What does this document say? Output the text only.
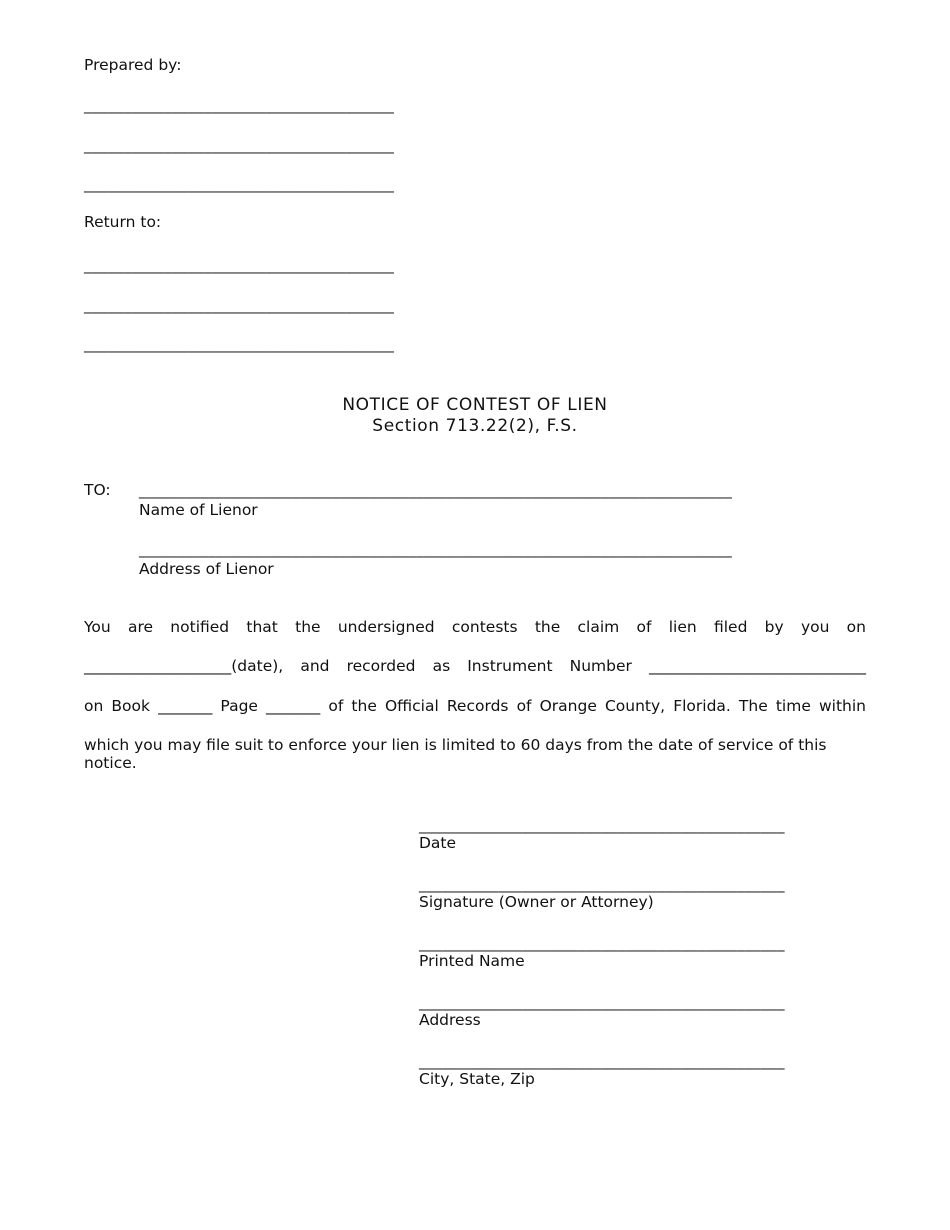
Prepared by:
_______________________________________
_______________________________________
_______________________________________
Return to:
_______________________________________
_______________________________________
_______________________________________
NOTICE OF CONTEST OF LIEN
Section 713.22(2), F.S.
TO: _____________________________________________________________________________
Name of Lienor
_____________________________________________________________________________
Address of Lienor
You are notified that the undersigned contests the claim of lien filed by you on
___________________(date), and recorded as Instrument Number ____________________________
on Book _______ Page _______ of the Official Records of Orange County, Florida. The time within
which you may file suit to enforce your lien is limited to 60 days from the date of service of this notice.
______________________________________________
Date
______________________________________________
Signature (Owner or Attorney)
______________________________________________
Printed Name
______________________________________________
Address
______________________________________________
City, State, Zip
